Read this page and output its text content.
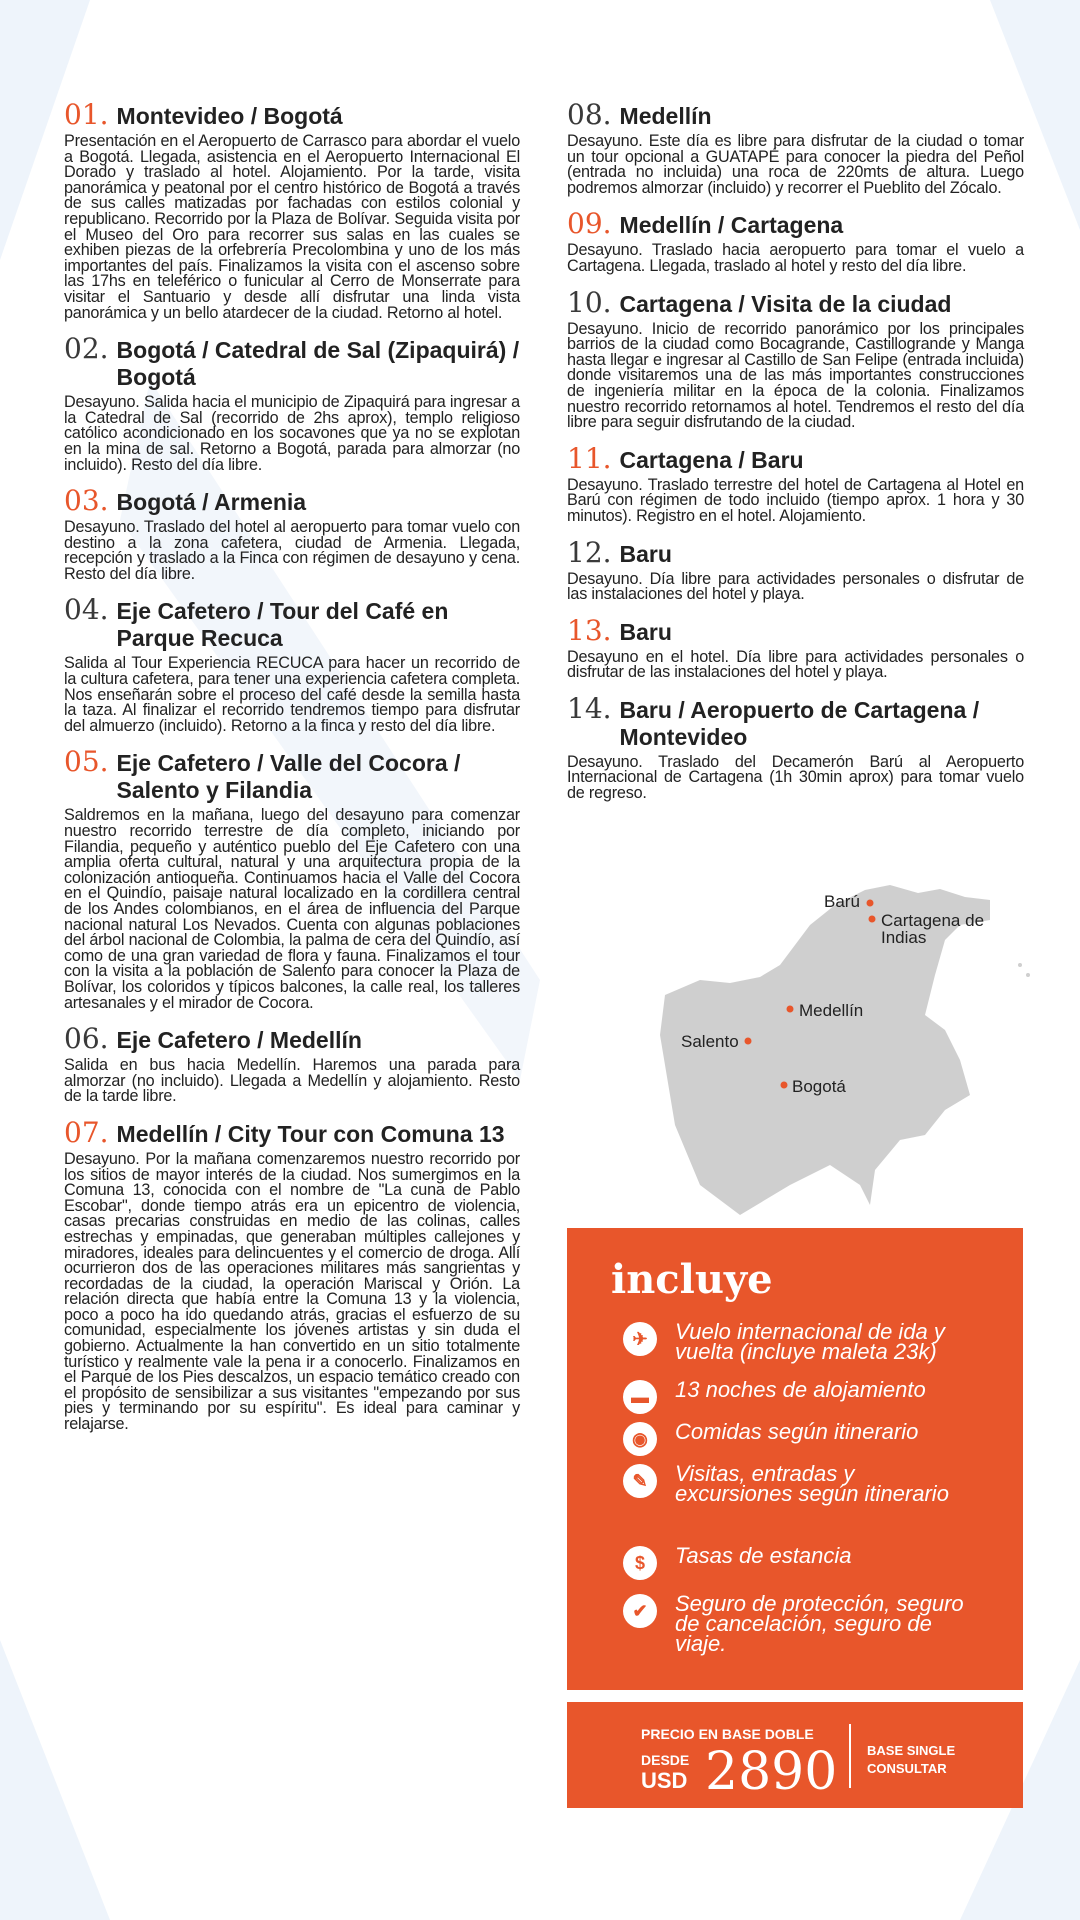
01. Montevideo / Bogotá
Presentación en el Aeropuerto de Carrasco para abordar el vuelo a Bogotá. Llegada, asistencia en el Aeropuerto Internacional El Dorado y traslado al hotel. Alojamiento. Por la tarde, visita panorámica y peatonal por el centro histórico de Bogotá a través de sus calles matizadas por fachadas con estilos colonial y republicano. Recorrido por la Plaza de Bolívar. Seguida visita por el Museo del Oro para recorrer sus salas en las cuales se exhiben piezas de la orfebrería Precolombina y uno de los más importantes del país. Finalizamos la visita con el ascenso sobre las 17hs en teleférico o funicular al Cerro de Monserrate para visitar el Santuario y desde allí disfrutar una linda vista panorámica y un bello atardecer de la ciudad. Retorno al hotel.
02. Bogotá / Catedral de Sal (Zipaquirá) / Bogotá
Desayuno. Salida hacia el municipio de Zipaquirá para ingresar a la Catedral de Sal (recorrido de 2hs aprox), templo religioso católico acondicionado en los socavones que ya no se explotan en la mina de sal. Retorno a Bogotá, parada para almorzar (no incluido). Resto del día libre.
03. Bogotá / Armenia
Desayuno. Traslado del hotel al aeropuerto para tomar vuelo con destino a la zona cafetera, ciudad de Armenia. Llegada, recepción y traslado a la Finca con régimen de desayuno y cena. Resto del día libre.
04. Eje Cafetero / Tour del Café en Parque Recuca
Salida al Tour Experiencia RECUCA para hacer un recorrido de la cultura cafetera, para tener una experiencia cafetera completa. Nos enseñarán sobre el proceso del café desde la semilla hasta la taza. Al finalizar el recorrido tendremos tiempo para disfrutar del almuerzo (incluido). Retorno a la finca y resto del día libre.
05. Eje Cafetero / Valle del Cocora / Salento y Filandia
Saldremos en la mañana, luego del desayuno para comenzar nuestro recorrido terrestre de día completo, iniciando por Filandia, pequeño y auténtico pueblo del Eje Cafetero con una amplia oferta cultural, natural y una arquitectura propia de la colonización antioqueña. Continuamos hacia el Valle del Cocora en el Quindío, paisaje natural localizado en la cordillera central de los Andes colombianos, en el área de influencia del Parque nacional natural Los Nevados. Cuenta con algunas poblaciones del árbol nacional de Colombia, la palma de cera del Quindío, así como de una gran variedad de flora y fauna. Finalizamos el tour con la visita a la población de Salento para conocer la Plaza de Bolívar, los coloridos y típicos balcones, la calle real, los talleres artesanales y el mirador de Cocora.
06. Eje Cafetero / Medellín
Salida en bus hacia Medellín. Haremos una parada para almorzar (no incluido). Llegada a Medellín y alojamiento. Resto de la tarde libre.
07. Medellín / City Tour con Comuna 13
Desayuno. Por la mañana comenzaremos nuestro recorrido por los sitios de mayor interés de la ciudad. Nos sumergimos en la Comuna 13, conocida con el nombre de "La cuna de Pablo Escobar", donde tiempo atrás era un epicentro de violencia, casas precarias construidas en medio de las colinas, calles estrechas y empinadas, que generaban múltiples callejones y miradores, ideales para delincuentes y el comercio de droga. Allí ocurrieron dos de las operaciones militares más sangrientas y recordadas de la ciudad, la operación Mariscal y Orión. La relación directa que había entre la Comuna 13 y la violencia, poco a poco ha ido quedando atrás, gracias el esfuerzo de su comunidad, especialmente los jóvenes artistas y sin duda el gobierno. Actualmente la han convertido en un sitio totalmente turístico y realmente vale la pena ir a conocerlo. Finalizamos en el Parque de los Pies descalzos, un espacio temático creado con el propósito de sensibilizar a sus visitantes "empezando por sus pies y terminando por su espíritu". Es ideal para caminar y relajarse.
08. Medellín
Desayuno. Este día es libre para disfrutar de la ciudad o tomar un tour opcional a GUATAPÉ para conocer la piedra del Peñol (entrada no incluida) una roca de 220mts de altura. Luego podremos almorzar (incluido) y recorrer el Pueblito del Zócalo.
09. Medellín / Cartagena
Desayuno. Traslado hacia aeropuerto para tomar el vuelo a Cartagena. Llegada, traslado al hotel y resto del día libre.
10. Cartagena / Visita de la ciudad
Desayuno. Inicio de recorrido panorámico por los principales barrios de la ciudad como Bocagrande, Castillogrande y Manga hasta llegar e ingresar al Castillo de San Felipe (entrada incluida) donde visitaremos una de las más importantes construcciones de ingeniería militar en la época de la colonia. Finalizamos nuestro recorrido retornamos al hotel. Tendremos el resto del día libre para seguir disfrutando de la ciudad.
11. Cartagena / Baru
Desayuno. Traslado terrestre del hotel de Cartagena al Hotel en Barú con régimen de todo incluido (tiempo aprox. 1 hora y 30 minutos). Registro en el hotel. Alojamiento.
12. Baru
Desayuno. Día libre para actividades personales o disfrutar de las instalaciones del hotel y playa.
13. Baru
Desayuno en el hotel. Día libre para actividades personales o disfrutar de las instalaciones del hotel y playa.
14. Baru / Aeropuerto de Cartagena / Montevideo
Desayuno. Traslado del Decamerón Barú al Aeropuerto Internacional de Cartagena (1h 30min aprox) para tomar vuelo de regreso.
Barú
Cartagena de
Indias
Medellín
Salento
Bogotá
incluye
✈	Vuelo internacional de ida y vuelta (incluye maleta 23k)
▬	13 noches de alojamiento
◉	Comidas según itinerario
✎	Visitas, entradas y excursiones según itinerario
$	Tasas de estancia
✔	Seguro de protección, seguro de cancelación, seguro de viaje.
PRECIO EN BASE DOBLE
DESDE
USD 2890 BASE SINGLE
CONSULTAR
